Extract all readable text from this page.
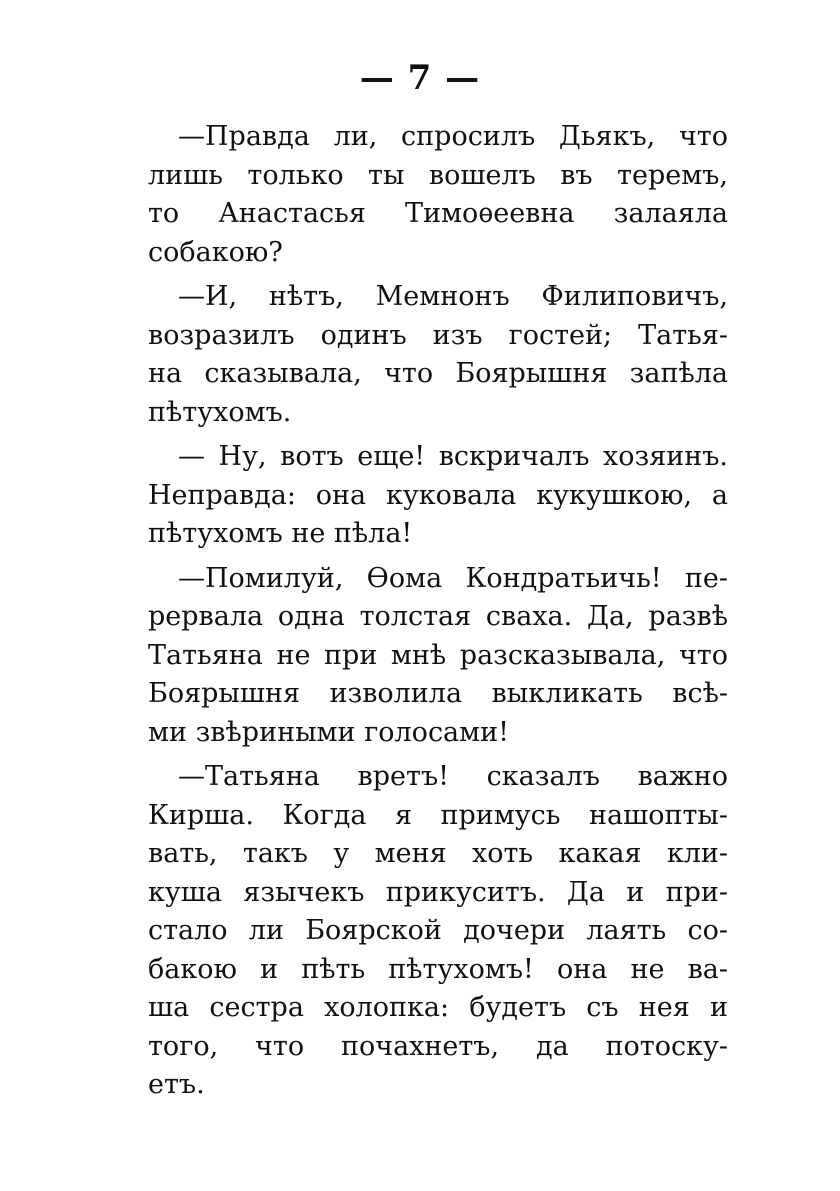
— 7 —
—Правда ли, спросилъ Дьякъ, что
лишь только ты вошелъ въ теремъ,
то Анастасья Тимоѳеевна залаяла
собакою?
—И, нѣтъ, Мемнонъ Филиповичъ,
возразилъ одинъ изъ гостей; Татья-
на сказывала, что Боярышня запѣла
пѣтухомъ.
— Ну, вотъ еще! вскричалъ хозяинъ.
Неправда: она куковала кукушкою, а
пѣтухомъ не пѣла!
—Помилуй, Ѳома Кондратьичь! пе-
рервала одна толстая сваха. Да, развѣ
Татьяна не при мнѣ разсказывала, что
Боярышня изволила выкликать всѣ-
ми звѣриными голосами!
—Татьяна вретъ! сказалъ важно
Кирша. Когда я примусь нашопты-
вать, такъ у меня хоть какая кли-
куша язычекъ прикуситъ. Да и при-
стало ли Боярской дочери лаять со-
бакою и пѣть пѣтухомъ! она не ва-
ша сестра холопка: будетъ съ нея и
того, что почахнетъ, да потоску-
етъ.
